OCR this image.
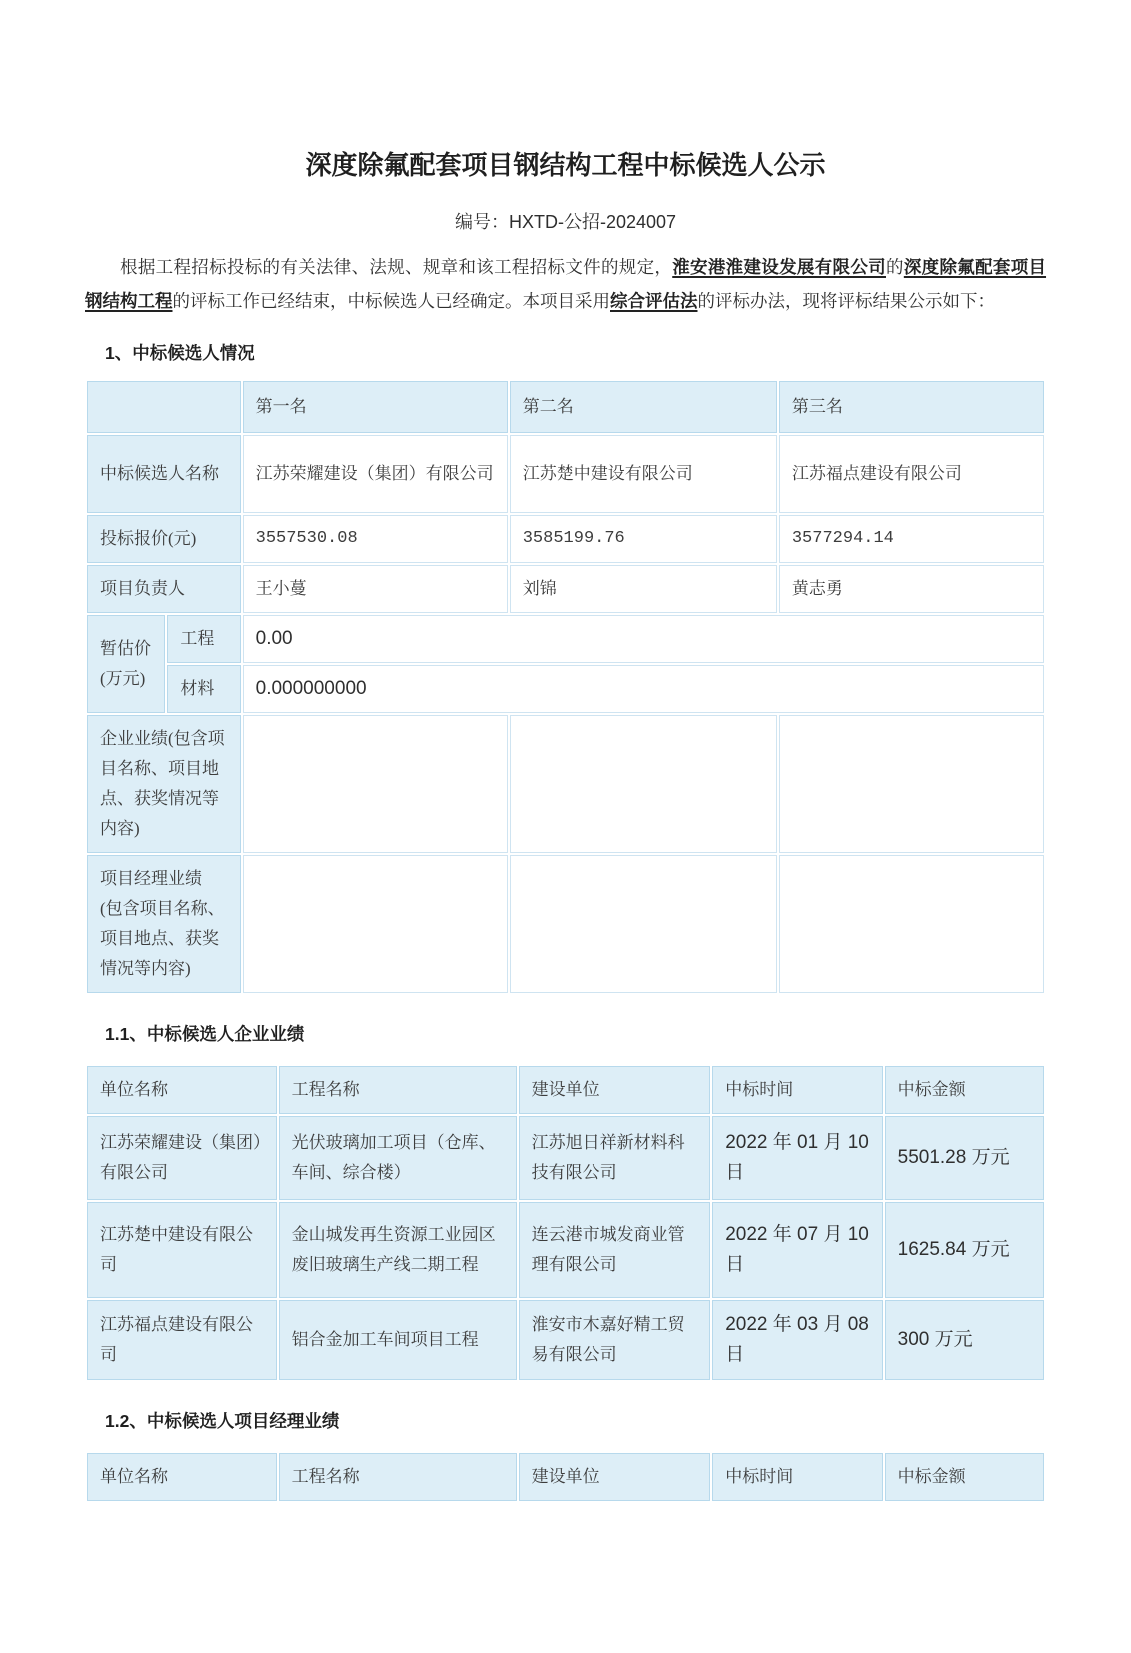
深度除氟配套项目钢结构工程中标候选人公示
编号：HXTD-公招-2024007

根据工程招标投标的有关法律、法规、规章和该工程招标文件的规定，淮安港淮建设发展有限公司的深度除氟配套项目钢结构工程的评标工作已经结束，中标候选人已经确定。本项目采用综合评估法的评标办法，现将评标结果公示如下：

1、中标候选人情况
		第一名	第二名	第三名
中标候选人名称		江苏荣耀建设（集团）有限公司	江苏楚中建设有限公司	江苏福点建设有限公司
投标报价(元)		3557530.08	3585199.76	3577294.14
项目负责人		王小蔓	刘锦	黄志勇

暂估价
(万元)	工程	0.00		
	材料	0.000000000		
企业业绩(包含项目名称、项目地点、获奖情况等内容)				
项目经理业绩 (包含项目名称、项目地点、获奖情况等内容)				
1.1、中标候选人企业业绩
单位名称	工程名称	建设单位	中标时间	中标金额
江苏荣耀建设（集团）有限公司	光伏玻璃加工项目（仓库、车间、综合楼）	江苏旭日祥新材料科技有限公司	2022 年 01 月 10 日	5501.28 万元
江苏楚中建设有限公司	金山城发再生资源工业园区废旧玻璃生产线二期工程	连云港市城发商业管理有限公司	2022 年 07 月 10 日	1625.84 万元
江苏福点建设有限公司	铝合金加工车间项目工程	淮安市木嘉好精工贸易有限公司	2022 年 03 月 08 日	300 万元
1.2、中标候选人项目经理业绩
单位名称	工程名称	建设单位	中标时间	中标金额
